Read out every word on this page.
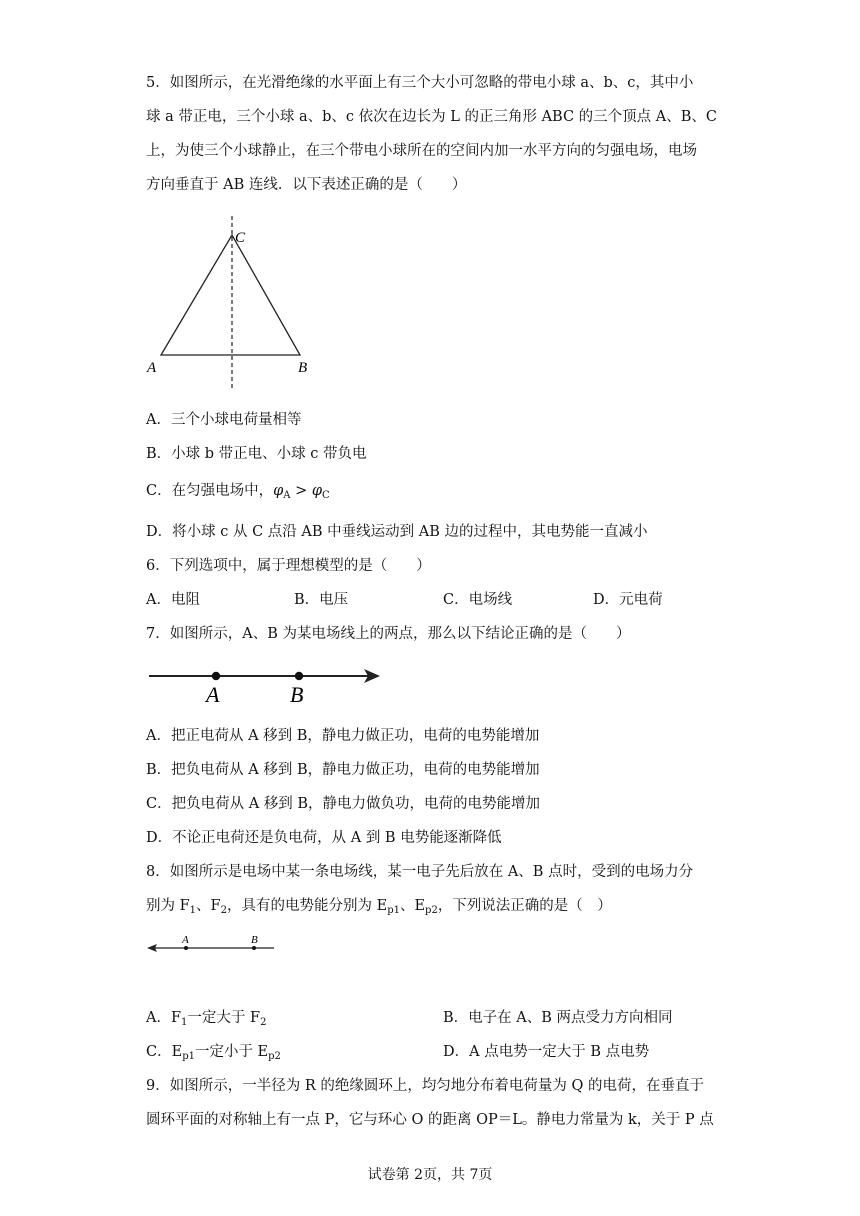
5．如图所示，在光滑绝缘的水平面上有三个大小可忽略的带电小球 a、b、c，其中小
球 a 带正电，三个小球 a、b、c 依次在边长为 L 的正三角形 ABC 的三个顶点 A、B、C
上，为使三个小球静止，在三个带电小球所在的空间内加一水平方向的匀强电场，电场
方向垂直于 AB 连线．以下表述正确的是（　　）
C
A	B
A．三个小球电荷量相等
B．小球 b 带正电、小球 c 带负电
C．在匀强电场中，$\varphi_A > \varphi_C$
D．将小球 c 从 C 点沿 AB 中垂线运动到 AB 边的过程中，其电势能一直减小
6．下列选项中，属于理想模型的是（　　）
A．电阻	B．电压	C．电场线	D．元电荷
7．如图所示，A、B 为某电场线上的两点，那么以下结论正确的是（　　）
A	B
A．把正电荷从 A 移到 B，静电力做正功，电荷的电势能增加
B．把负电荷从 A 移到 B，静电力做正功，电荷的电势能增加
C．把负电荷从 A 移到 B，静电力做负功，电荷的电势能增加
D．不论正电荷还是负电荷，从 A 到 B 电势能逐渐降低
8．如图所示是电场中某一条电场线，某一电子先后放在 A、B 点时，受到的电场力分
别为 $F_1$、$F_2$，具有的电势能分别为 $E_{p1}$、$E_{p2}$，下列说法正确的是（　）
A	B
A．$F_1$一定大于 $F_2$	B．电子在 A、B 两点受力方向相同
C．$E_{p1}$一定小于 $E_{p2}$	D．A 点电势一定大于 B 点电势
9．如图所示，一半径为 R 的绝缘圆环上，均匀地分布着电荷量为 Q 的电荷，在垂直于
圆环平面的对称轴上有一点 P，它与环心 O 的距离 OP＝L。静电力常量为 k，关于 P 点
试卷第 2页，共 7页
